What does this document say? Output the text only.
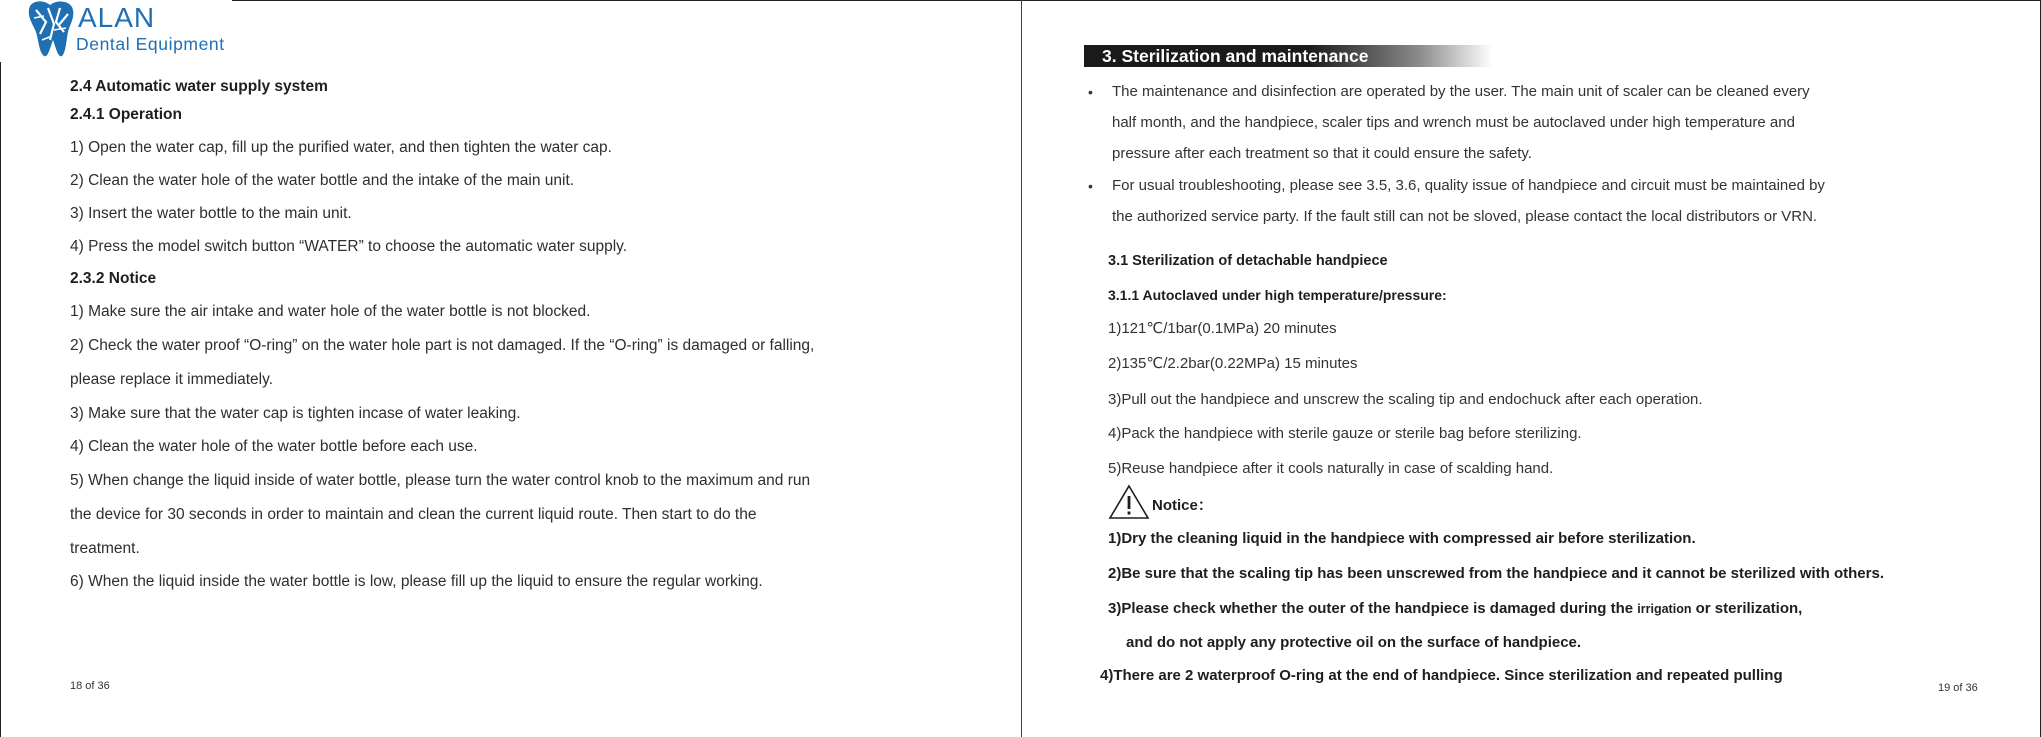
ALAN
Dental Equipment
2.4 Automatic water supply system
2.4.1 Operation
1) Open the water cap, fill up the purified water, and then tighten the water cap.
2) Clean the water hole of the water bottle and the intake of the main unit.
3) Insert the water bottle to the main unit.
4) Press the model switch button “WATER” to choose the automatic water supply.
2.3.2 Notice
1) Make sure the air intake and water hole of the water bottle is not blocked.
2) Check the water proof “O-ring” on the water hole part is not damaged. If the “O-ring” is damaged or falling,
please replace it immediately.
3) Make sure that the water cap is tighten incase of water leaking.
4) Clean the water hole of the water bottle before each use.
5) When change the liquid inside of water bottle, please turn the water control knob to the maximum and run
the device for 30 seconds in order to maintain and clean the current liquid route. Then start to do the
treatment.
6) When the liquid inside the water bottle is low, please fill up the liquid to ensure the regular working.
18 of 36
3. Sterilization and maintenance
• The maintenance and disinfection are operated by the user. The main unit of scaler can be cleaned every
half month, and the handpiece, scaler tips and wrench must be autoclaved under high temperature and
pressure after each treatment so that it could ensure the safety.
• For usual troubleshooting, please see 3.5, 3.6, quality issue of handpiece and circuit must be maintained by
the authorized service party. If the fault still can not be sloved, please contact the local distributors or VRN.
3.1 Sterilization of detachable handpiece
3.1.1 Autoclaved under high temperature/pressure:
1)121℃/1bar(0.1MPa) 20 minutes
2)135℃/2.2bar(0.22MPa) 15 minutes
3)Pull out the handpiece and unscrew the scaling tip and endochuck after each operation.
4)Pack the handpiece with sterile gauze or sterile bag before sterilizing.
5)Reuse handpiece after it cools naturally in case of scalding hand.
Notice：
1)Dry the cleaning liquid in the handpiece with compressed air before sterilization.
2)Be sure that the scaling tip has been unscrewed from the handpiece and it cannot be sterilized with others.
3)Please check whether the outer of the handpiece is damaged during the irrigation or sterilization,
and do not apply any protective oil on the surface of handpiece.
4)There are 2 waterproof O-ring at the end of handpiece. Since sterilization and repeated pulling
19 of 36
